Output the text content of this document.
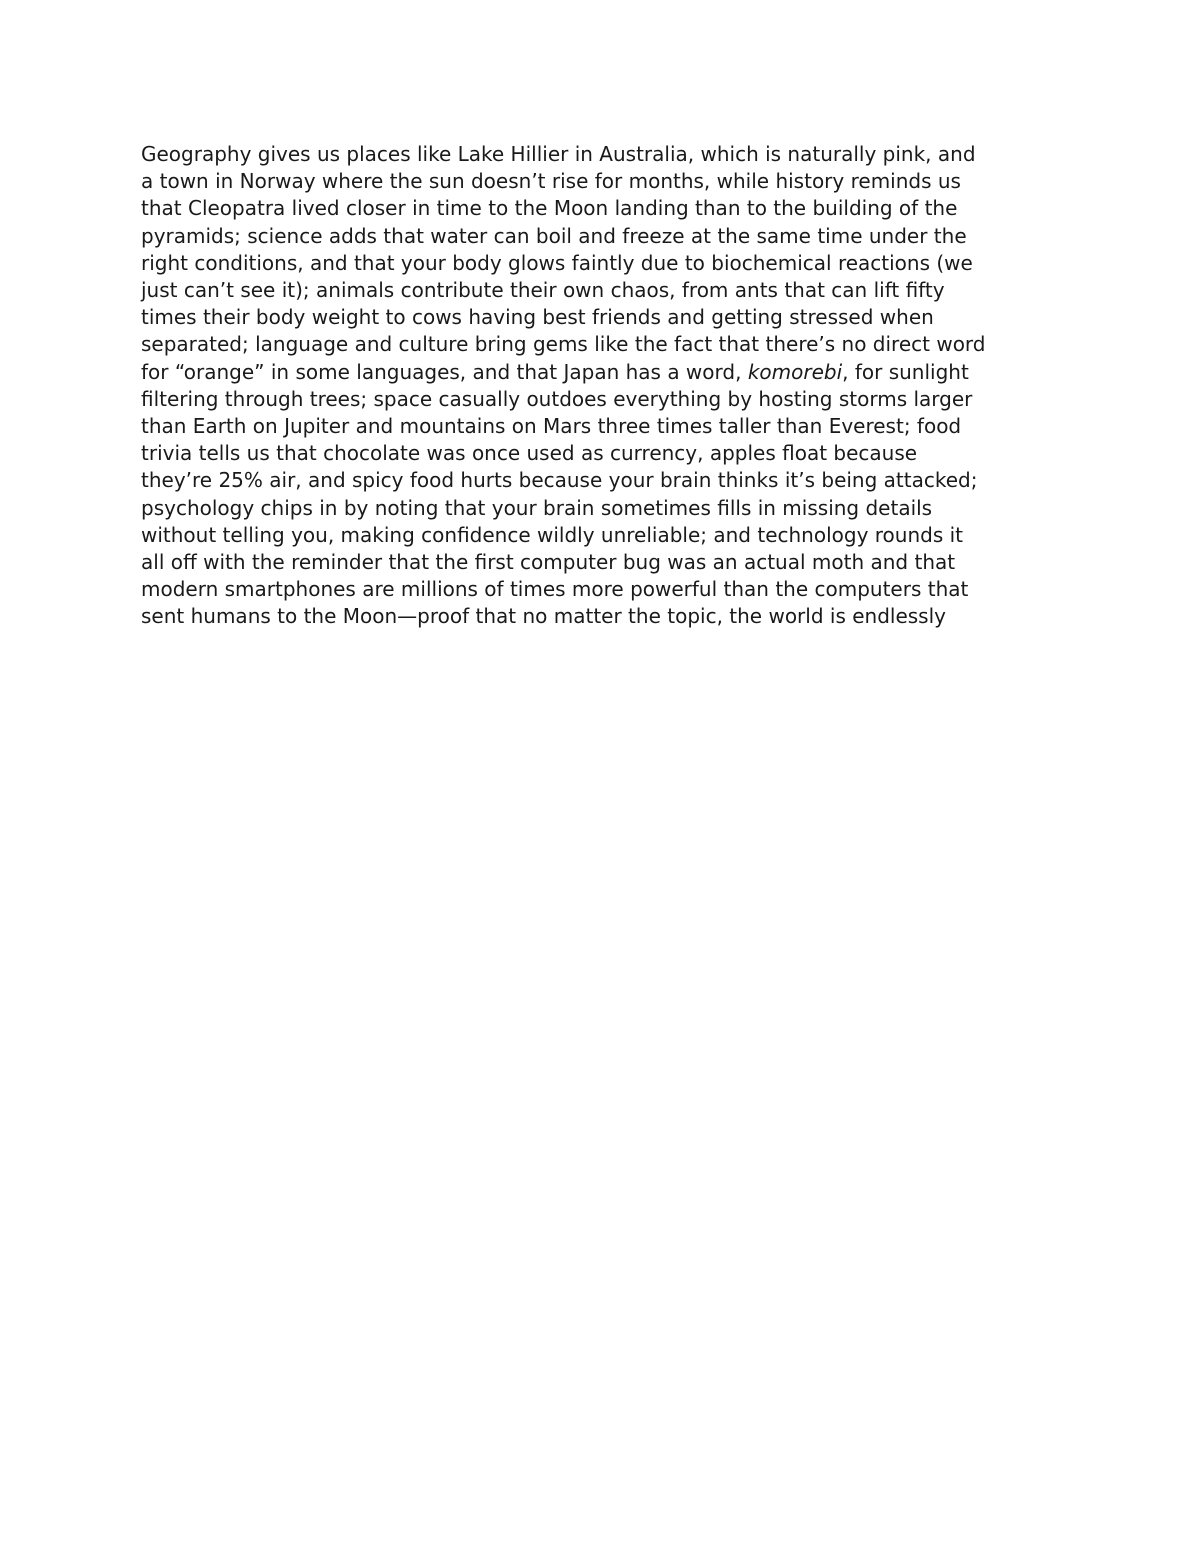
Geography gives us places like Lake Hillier in Australia, which is naturally pink, and
a town in Norway where the sun doesn’t rise for months, while history reminds us
that Cleopatra lived closer in time to the Moon landing than to the building of the
pyramids; science adds that water can boil and freeze at the same time under the
right conditions, and that your body glows faintly due to biochemical reactions (we
just can’t see it); animals contribute their own chaos, from ants that can lift fifty
times their body weight to cows having best friends and getting stressed when
separated; language and culture bring gems like the fact that there’s no direct word
for “orange” in some languages, and that Japan has a word, komorebi, for sunlight
filtering through trees; space casually outdoes everything by hosting storms larger
than Earth on Jupiter and mountains on Mars three times taller than Everest; food
trivia tells us that chocolate was once used as currency, apples float because
they’re 25% air, and spicy food hurts because your brain thinks it’s being attacked;
psychology chips in by noting that your brain sometimes fills in missing details
without telling you, making confidence wildly unreliable; and technology rounds it
all off with the reminder that the first computer bug was an actual moth and that
modern smartphones are millions of times more powerful than the computers that
sent humans to the Moon—proof that no matter the topic, the world is endlessly
